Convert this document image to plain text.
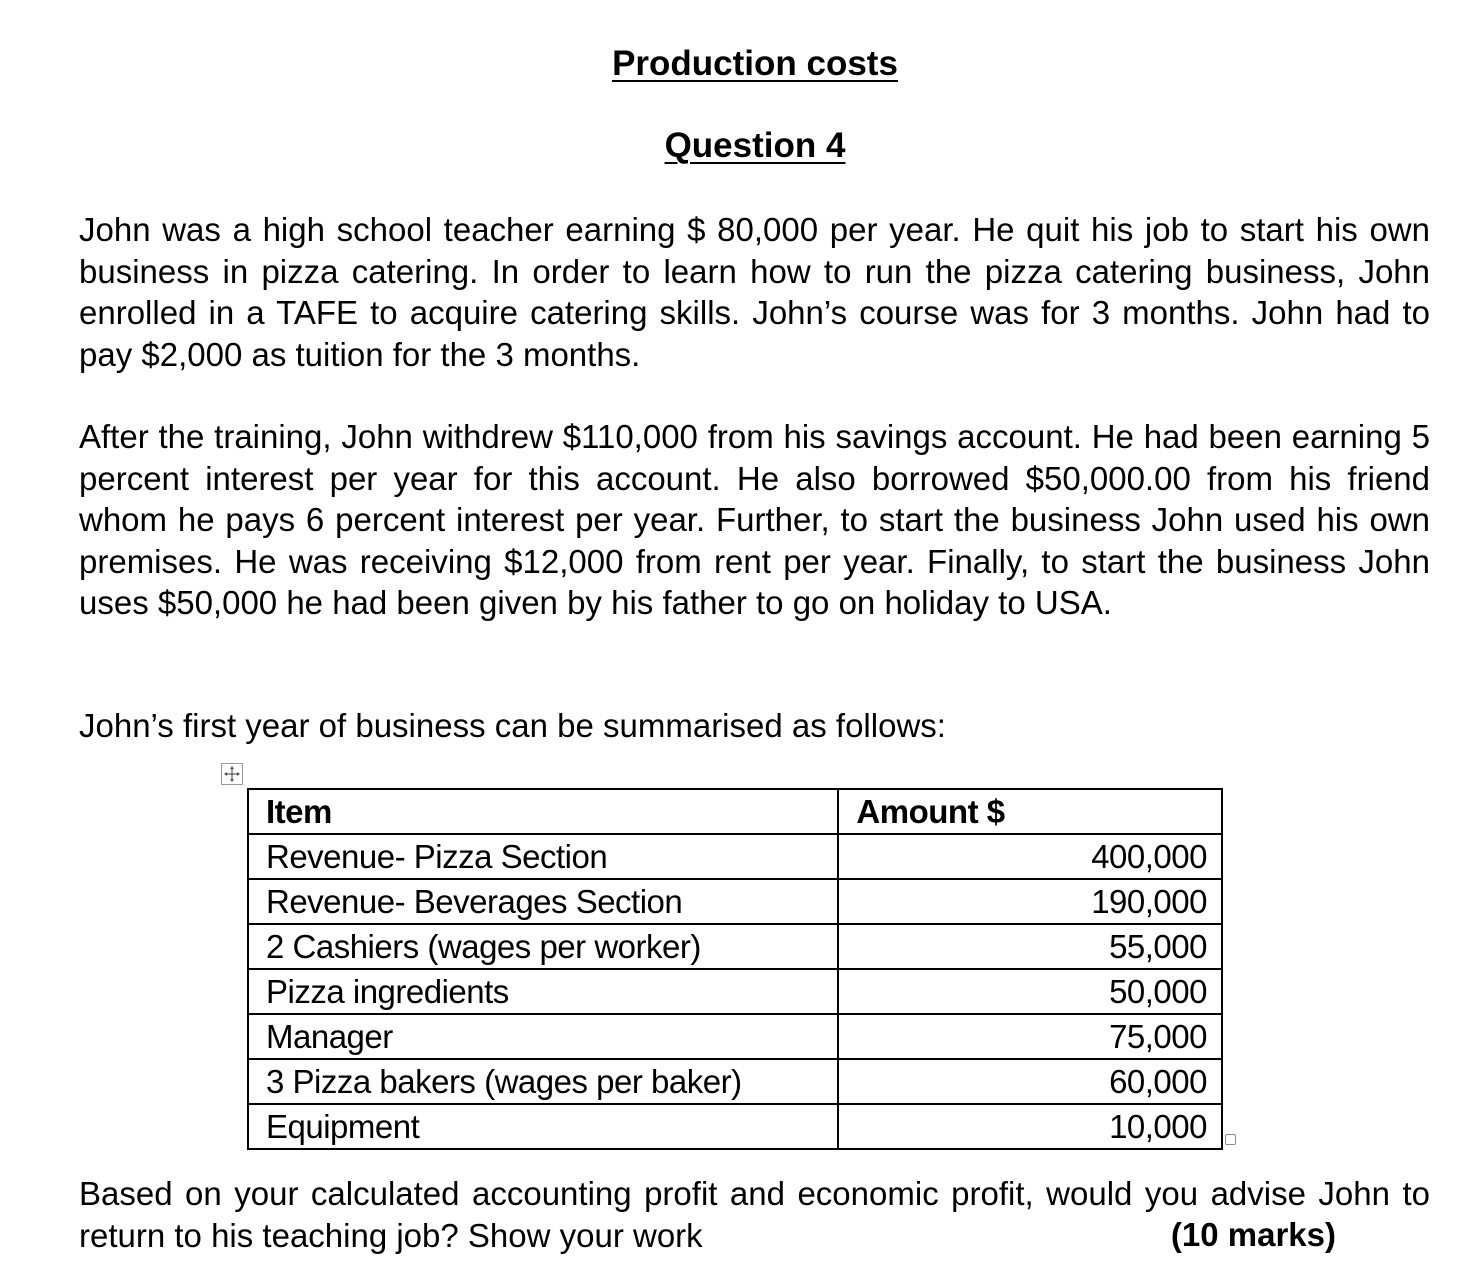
Production costs
Question 4

John was a high school teacher earning $ 80,000 per year. He quit his job to start his own business in pizza catering. In order to learn how to run the pizza catering business, John enrolled in a TAFE to acquire catering skills. John’s course was for 3 months. John had to pay $2,000 as tuition for the 3 months.

After the training, John withdrew $110,000 from his savings account. He had been earning 5 percent interest per year for this account. He also borrowed $50,000.00 from his friend whom he pays 6 percent interest per year. Further, to start the business John used his own premises. He was receiving $12,000 from rent per year. Finally, to start the business John uses $50,000 he had been given by his father to go on holiday to USA.

John’s first year of business can be summarised as follows:

Item	Amount $
Revenue- Pizza Section	400,000
Revenue- Beverages Section	190,000
2 Cashiers (wages per worker)	55,000
Pizza ingredients	50,000
Manager	75,000
3 Pizza bakers (wages per baker)	60,000
Equipment	10,000

Based on your calculated accounting profit and economic profit, would you advise John to return to his teaching job? Show your work	(10 marks)
